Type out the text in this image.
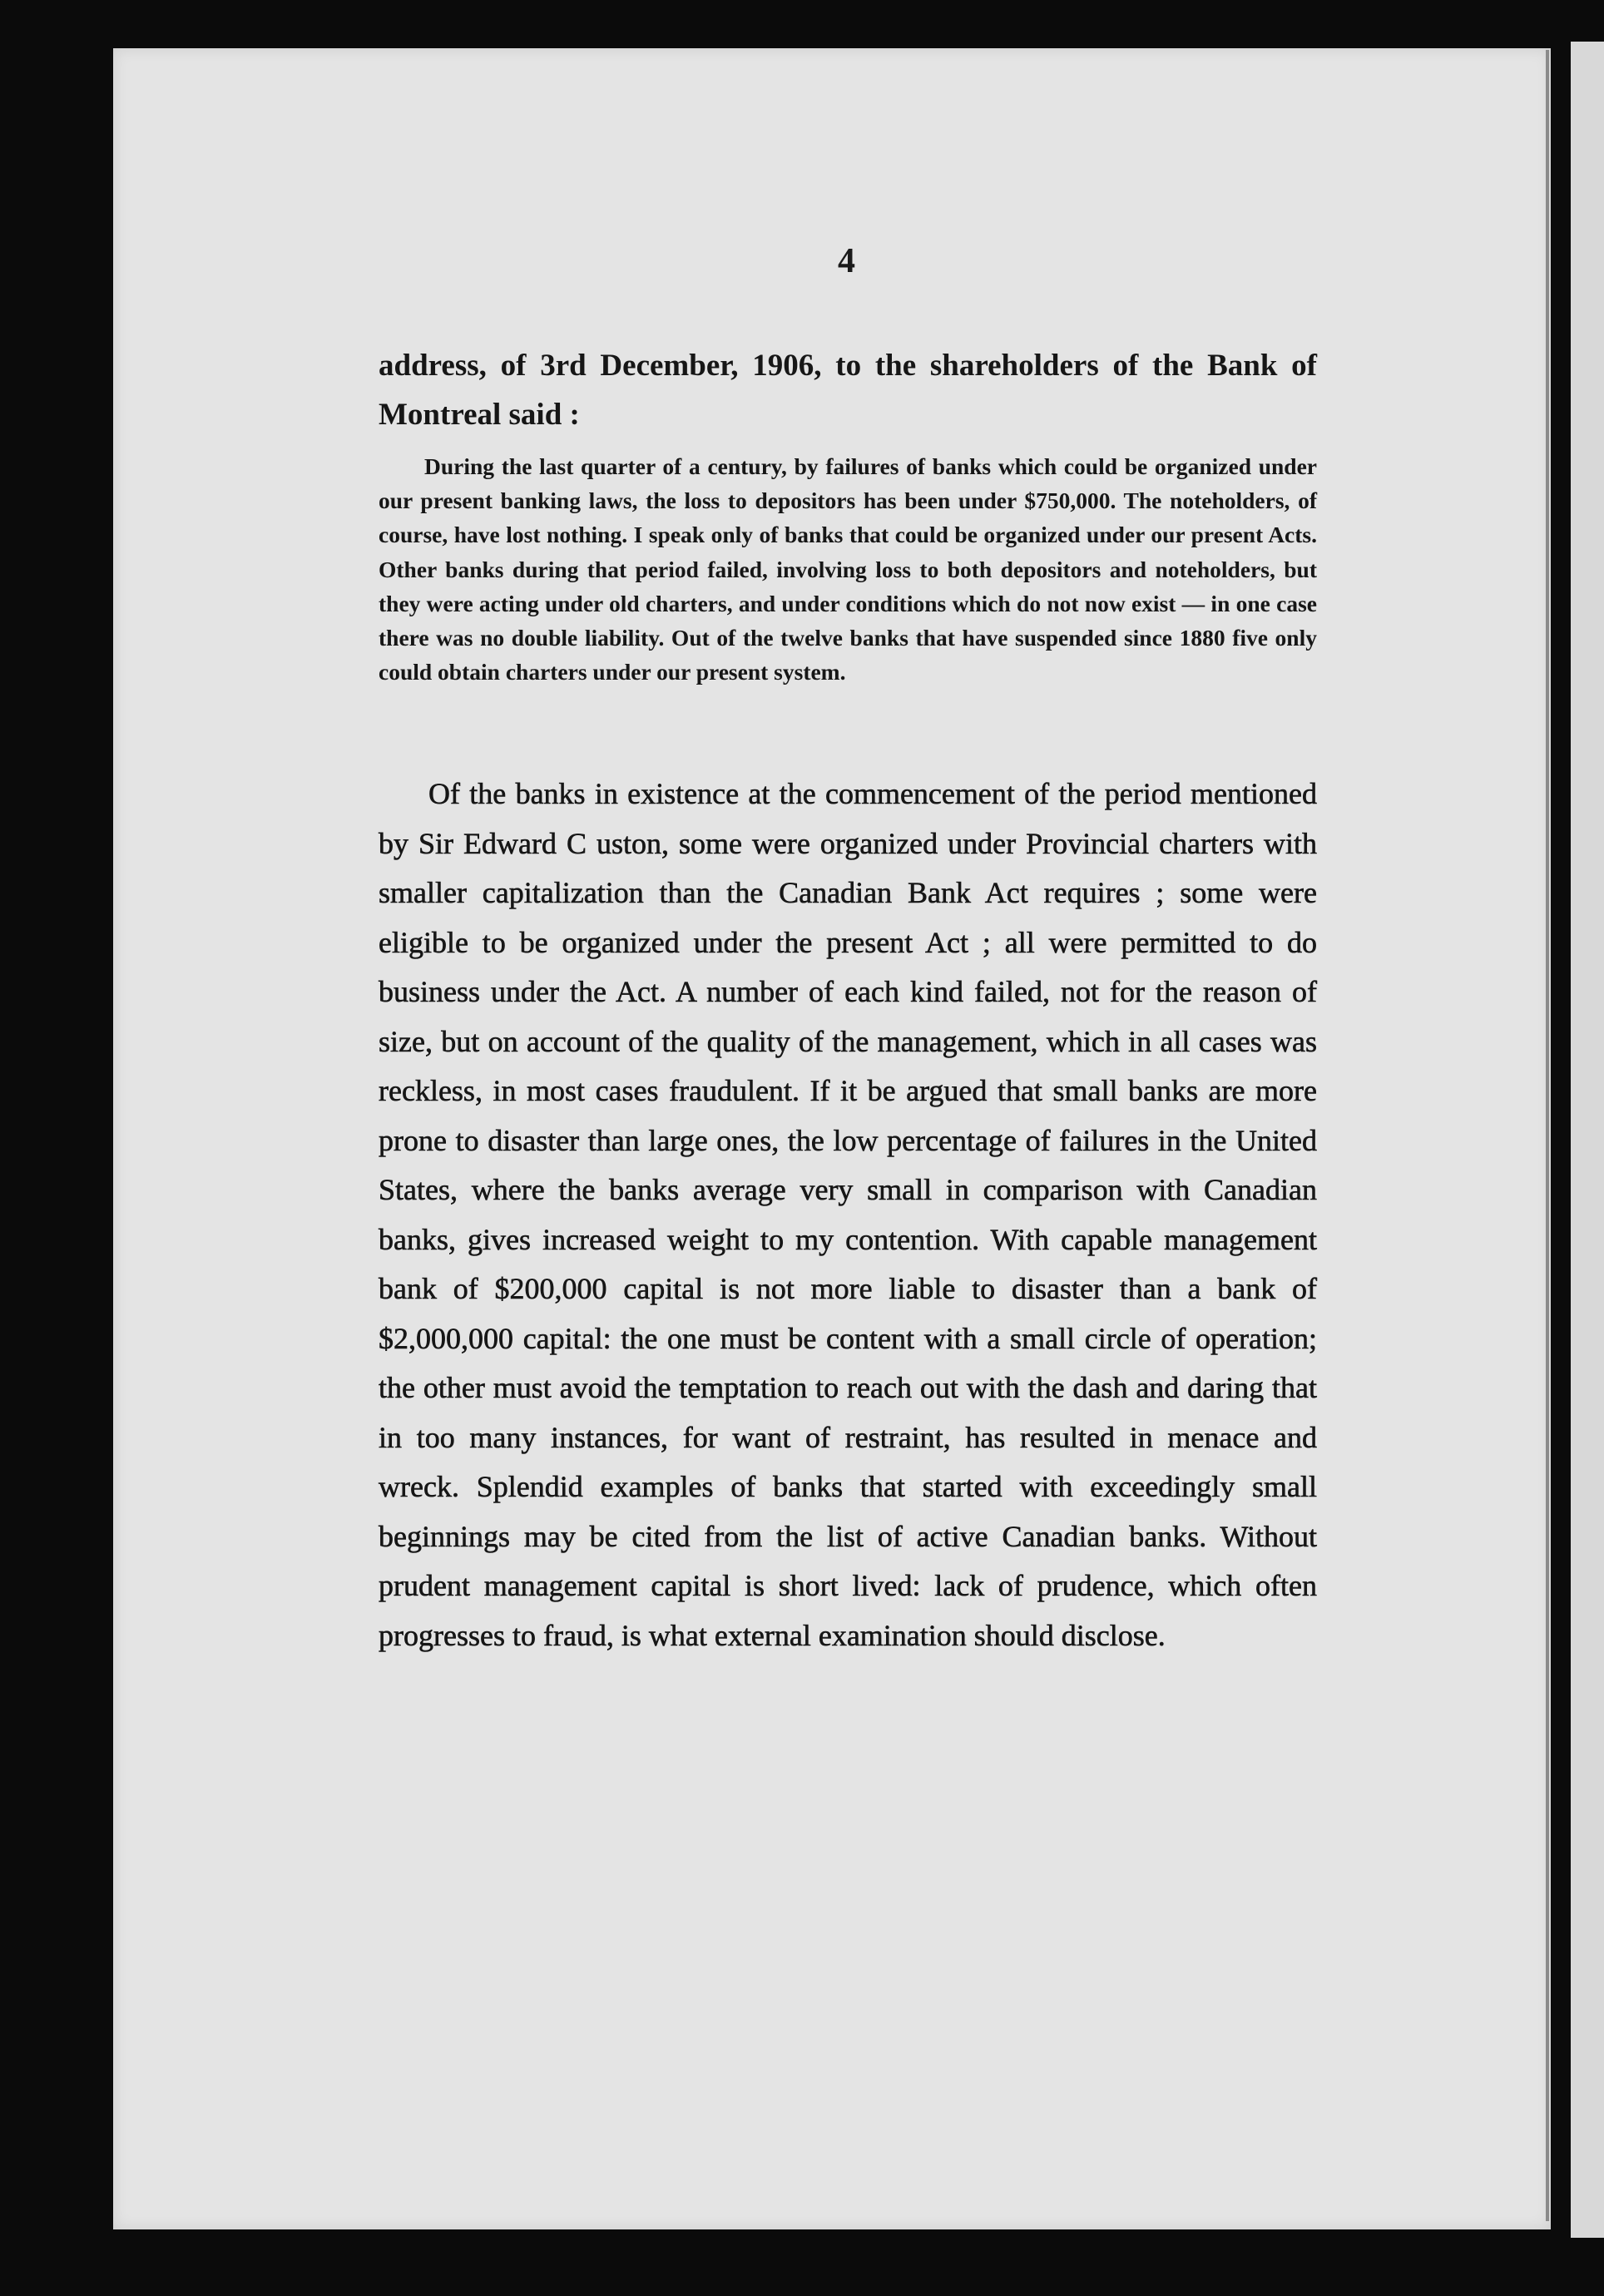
4

address, of 3rd December, 1906, to the shareholders of the Bank of Montreal said :

During the last quarter of a century, by failures of banks which could be organized under our present banking laws, the loss to depositors has been under $750,000. The noteholders, of course, have lost nothing. I speak only of banks that could be organized under our present Acts. Other banks during that period failed, involving loss to both depositors and noteholders, but they were acting under old charters, and under conditions which do not now exist — in one case there was no double liability. Out of the twelve banks that have suspended since 1880 five only could obtain charters under our present system.

Of the banks in existence at the commencement of the period mentioned by Sir Edward C uston, some were organized under Provincial charters with smaller capitalization than the Canadian Bank Act requires ; some were eligible to be organized under the present Act ; all were permitted to do business under the Act. A number of each kind failed, not for the reason of size, but on account of the quality of the management, which in all cases was reckless, in most cases fraudulent. If it be argued that small banks are more prone to disaster than large ones, the low percentage of failures in the United States, where the banks average very small in comparison with Canadian banks, gives increased weight to my contention. With capable management bank of $200,000 capital is not more liable to disaster than a bank of $2,000,000 capital: the one must be content with a small circle of operation; the other must avoid the temptation to reach out with the dash and daring that in too many instances, for want of restraint, has resulted in menace and wreck. Splendid examples of banks that started with exceedingly small beginnings may be cited from the list of active Canadian banks. Without prudent management capital is short lived: lack of prudence, which often progresses to fraud, is what external examination should disclose.
